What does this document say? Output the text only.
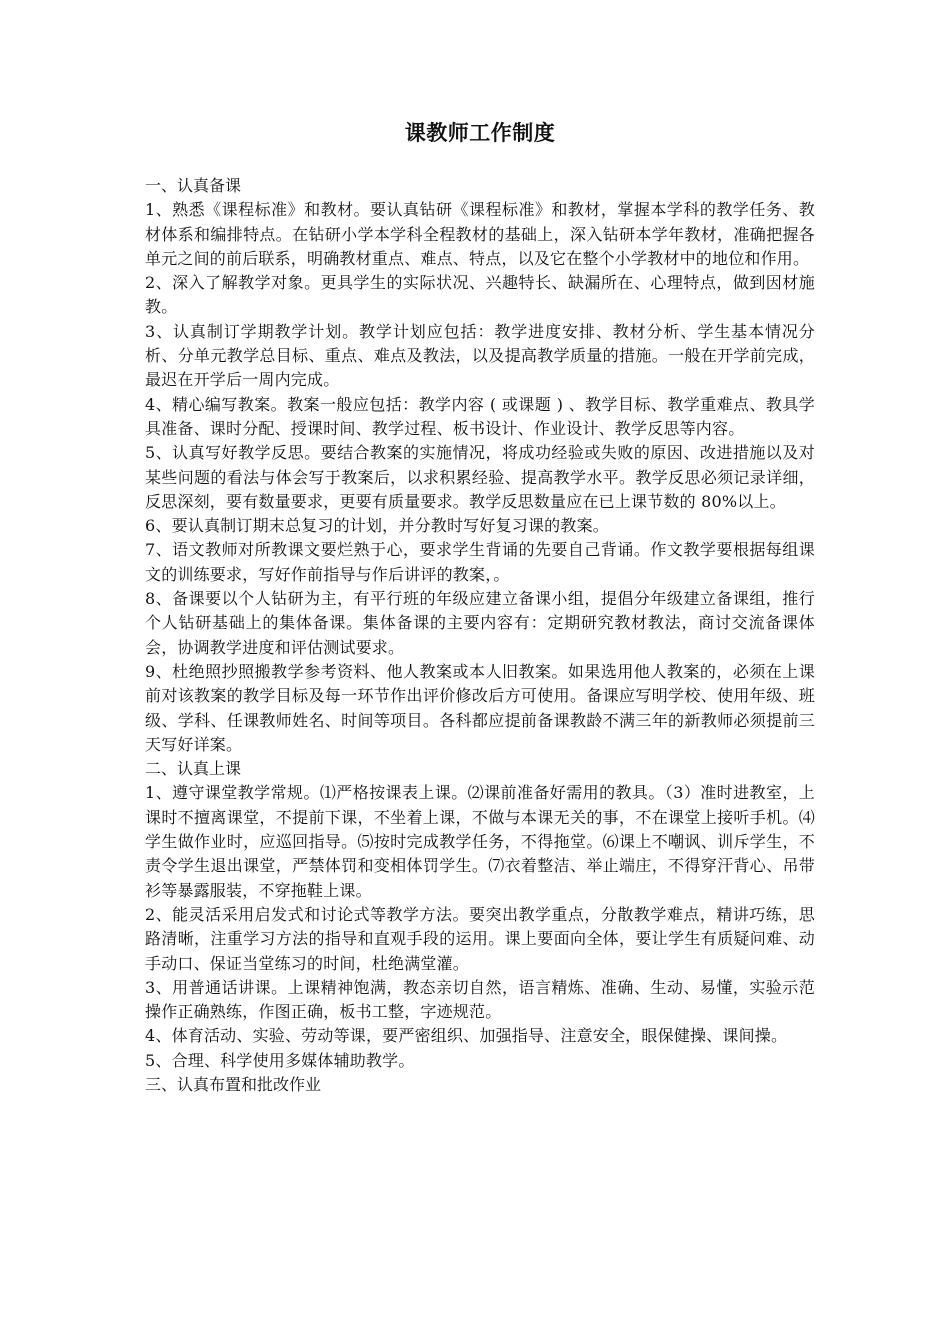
课教师工作制度

一、认真备课

1、熟悉《课程标准》和教材。要认真钻研《课程标准》和教材，掌握本学科的教学任务、教材体系和编排特点。在钻研小学本学科全程教材的基础上，深入钻研本学年教材，准确把握各单元之间的前后联系，明确教材重点、难点、特点，以及它在整个小学教材中的地位和作用。

2、深入了解教学对象。更具学生的实际状况、兴趣特长、缺漏所在、心理特点，做到因材施教。

3、认真制订学期教学计划。教学计划应包括：教学进度安排、教材分析、学生基本情况分析、分单元教学总目标、重点、难点及教法，以及提高教学质量的措施。一般在开学前完成，最迟在开学后一周内完成。

4、精心编写教案。教案一般应包括：教学内容 ( 或课题 ) 、教学目标、教学重难点、教具学具准备、课时分配、授课时间、教学过程、板书设计、作业设计、教学反思等内容。

5、认真写好教学反思。要结合教案的实施情况，将成功经验或失败的原因、改进措施以及对某些问题的看法与体会写于教案后，以求积累经验、提高教学水平。教学反思必须记录详细，反思深刻，要有数量要求，更要有质量要求。教学反思数量应在已上课节数的 80%以上。

6、要认真制订期末总复习的计划，并分教时写好复习课的教案。

7、语文教师对所教课文要烂熟于心，要求学生背诵的先要自己背诵。作文教学要根据每组课文的训练要求，写好作前指导与作后讲评的教案，。

8、备课要以个人钻研为主，有平行班的年级应建立备课小组，提倡分年级建立备课组，推行个人钻研基础上的集体备课。集体备课的主要内容有：定期研究教材教法，商讨交流备课体会，协调教学进度和评估测试要求。

9、杜绝照抄照搬教学参考资料、他人教案或本人旧教案。如果选用他人教案的，必须在上课前对该教案的教学目标及每一环节作出评价修改后方可使用。备课应写明学校、使用年级、班级、学科、任课教师姓名、时间等项目。各科都应提前备课教龄不满三年的新教师必须提前三天写好详案。

二、认真上课

1、遵守课堂教学常规。⑴严格按课表上课。⑵课前准备好需用的教具。（3）准时进教室，上课时不擅离课堂，不提前下课，不坐着上课，不做与本课无关的事，不在课堂上接听手机。⑷学生做作业时，应巡回指导。⑸按时完成教学任务，不得拖堂。⑹课上不嘲讽、训斥学生，不责令学生退出课堂，严禁体罚和变相体罚学生。⑺衣着整洁、举止端庄，不得穿汗背心、吊带衫等暴露服装，不穿拖鞋上课。

2、能灵活采用启发式和讨论式等教学方法。要突出教学重点，分散教学难点，精讲巧练，思路清晰，注重学习方法的指导和直观手段的运用。课上要面向全体，要让学生有质疑问难、动手动口、保证当堂练习的时间，杜绝满堂灌。

3、用普通话讲课。上课精神饱满，教态亲切自然，语言精炼、准确、生动、易懂，实验示范操作正确熟练，作图正确，板书工整，字迹规范。

4、体育活动、实验、劳动等课，要严密组织、加强指导、注意安全，眼保健操、课间操。

5、合理、科学使用多媒体辅助教学。

三、认真布置和批改作业
